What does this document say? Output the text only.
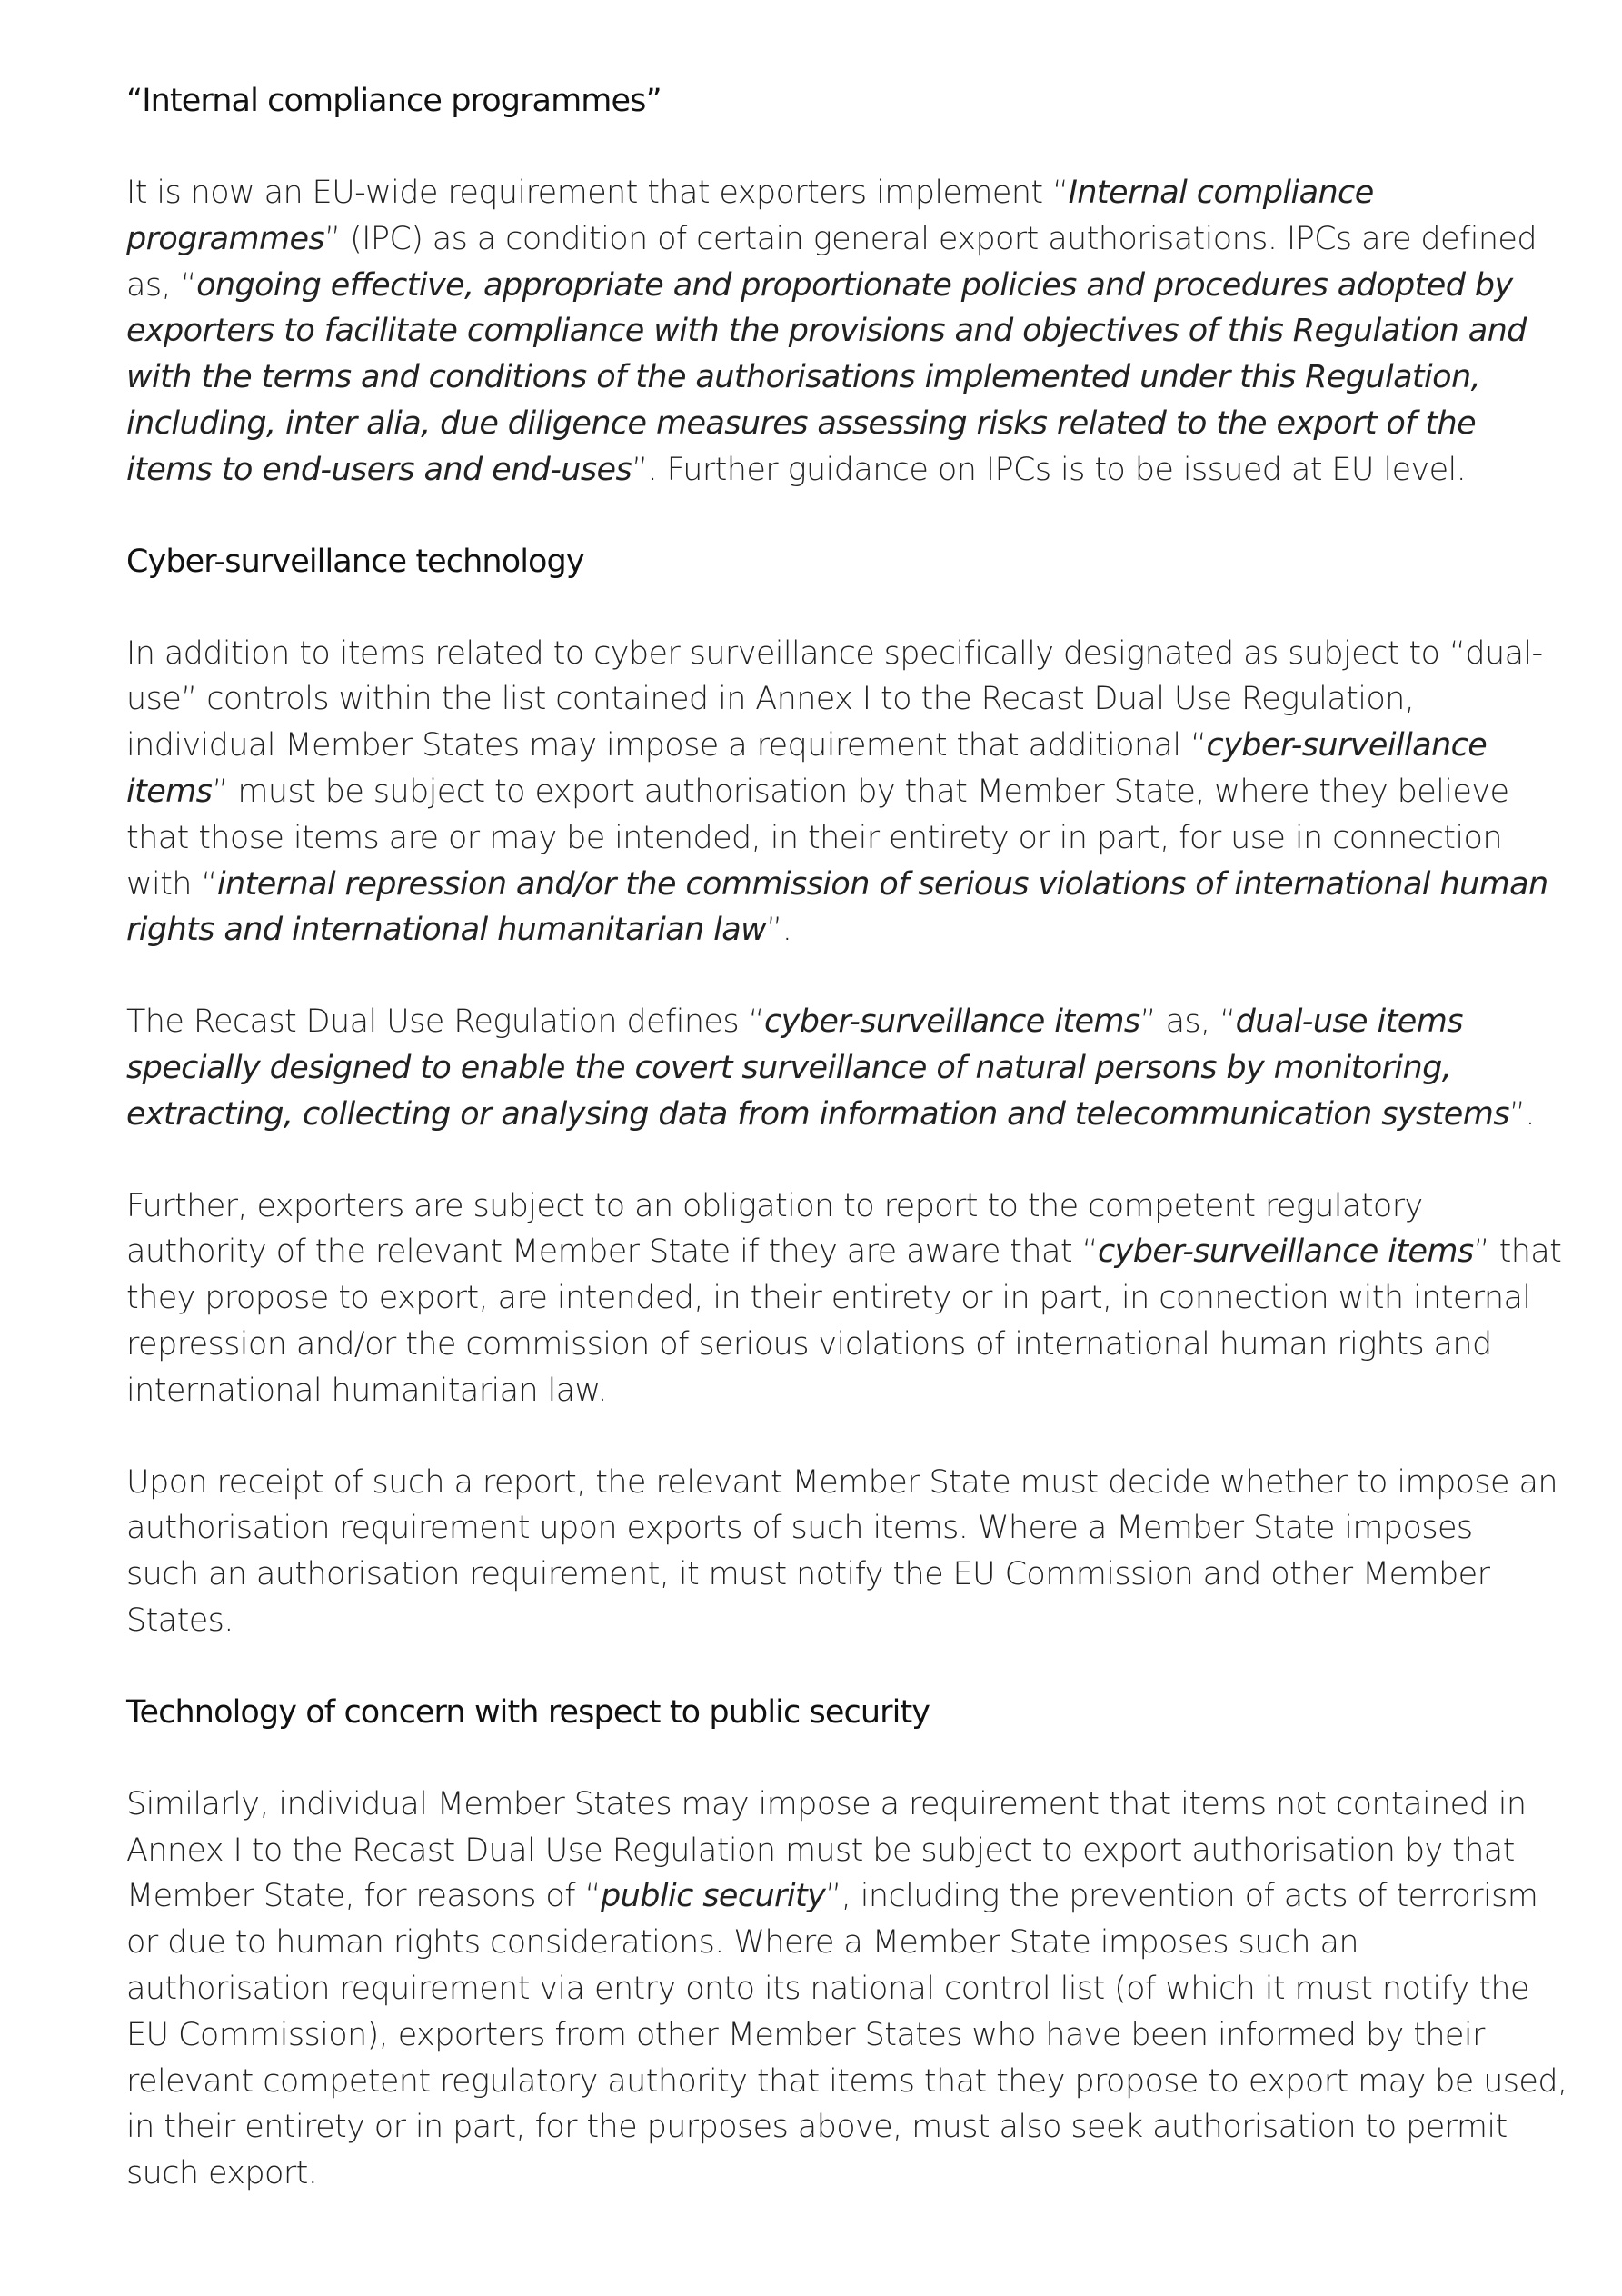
“Internal compliance programmes”
It is now an EU-wide requirement that exporters implement “Internal compliance
programmes” (IPC) as a condition of certain general export authorisations. IPCs are defined
as, “ongoing effective, appropriate and proportionate policies and procedures adopted by
exporters to facilitate compliance with the provisions and objectives of this Regulation and
with the terms and conditions of the authorisations implemented under this Regulation,
including, inter alia, due diligence measures assessing risks related to the export of the
items to end-users and end-uses”. Further guidance on IPCs is to be issued at EU level.
Cyber-surveillance technology
In addition to items related to cyber surveillance specifically designated as subject to “dual-
use” controls within the list contained in Annex I to the Recast Dual Use Regulation,
individual Member States may impose a requirement that additional “cyber-surveillance
items” must be subject to export authorisation by that Member State, where they believe
that those items are or may be intended, in their entirety or in part, for use in connection
with “internal repression and/or the commission of serious violations of international human
rights and international humanitarian law”.
The Recast Dual Use Regulation defines “cyber-surveillance items” as, “dual-use items
specially designed to enable the covert surveillance of natural persons by monitoring,
extracting, collecting or analysing data from information and telecommunication systems”.
Further, exporters are subject to an obligation to report to the competent regulatory
authority of the relevant Member State if they are aware that “cyber-surveillance items” that
they propose to export, are intended, in their entirety or in part, in connection with internal
repression and/or the commission of serious violations of international human rights and
international humanitarian law.
Upon receipt of such a report, the relevant Member State must decide whether to impose an
authorisation requirement upon exports of such items. Where a Member State imposes
such an authorisation requirement, it must notify the EU Commission and other Member
States.
Technology of concern with respect to public security
Similarly, individual Member States may impose a requirement that items not contained in
Annex I to the Recast Dual Use Regulation must be subject to export authorisation by that
Member State, for reasons of “public security”, including the prevention of acts of terrorism
or due to human rights considerations. Where a Member State imposes such an
authorisation requirement via entry onto its national control list (of which it must notify the
EU Commission), exporters from other Member States who have been informed by their
relevant competent regulatory authority that items that they propose to export may be used,
in their entirety or in part, for the purposes above, must also seek authorisation to permit
such export.
